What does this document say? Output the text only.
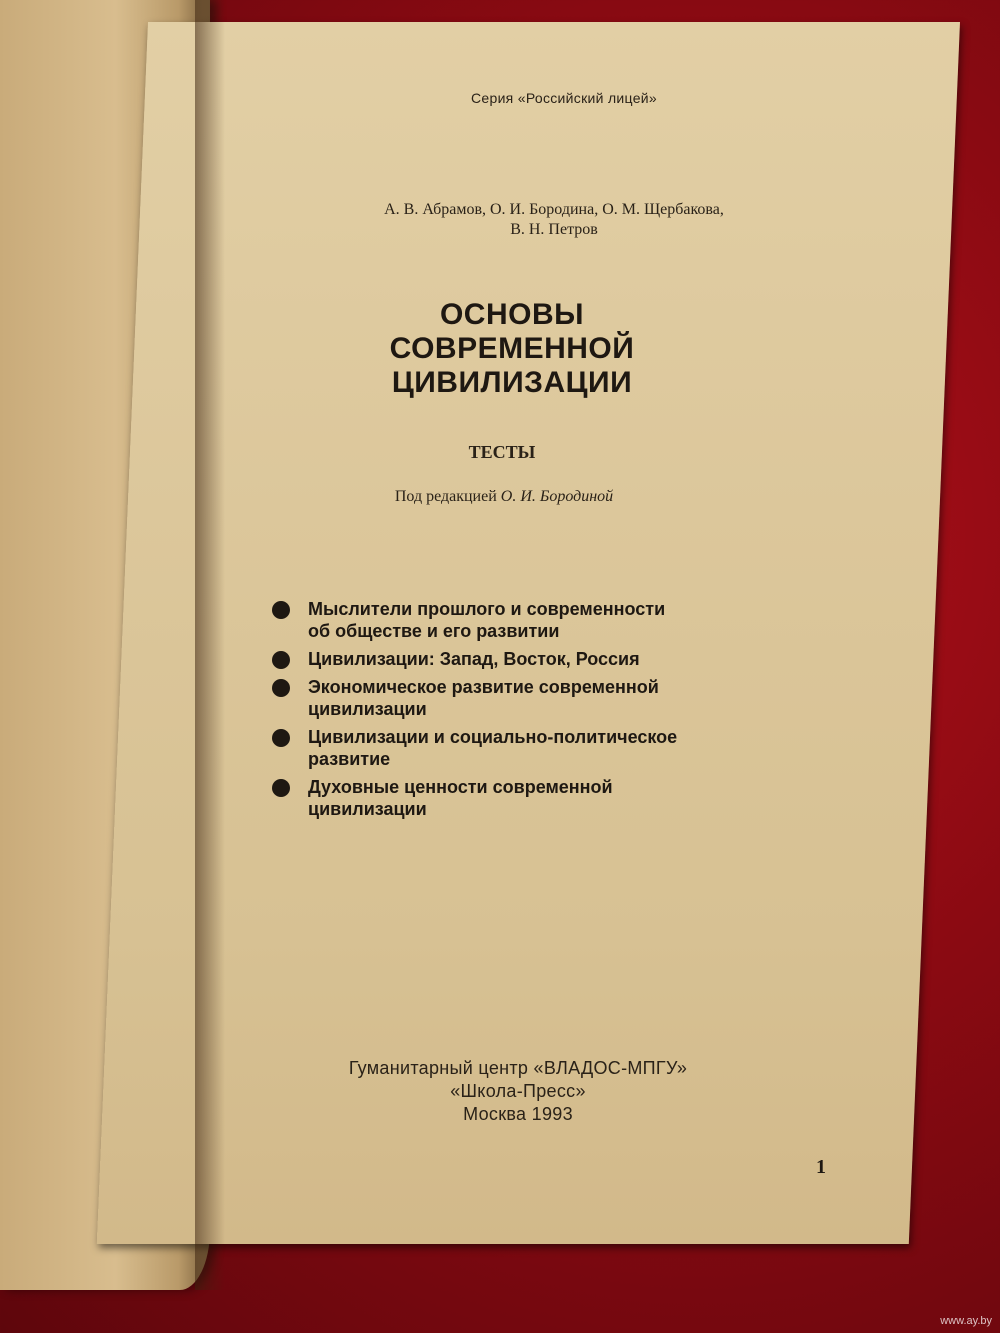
Серия «Российский лицей»
А. В. Абрамов, О. И. Бородина, О. М. Щербакова,
В. Н. Петров
ОСНОВЫ
СОВРЕМЕННОЙ
ЦИВИЛИЗАЦИИ
ТЕСТЫ
Под редакцией О. И. Бородиной
Мыслители прошлого и современности
об обществе и его развитии
Цивилизации: Запад, Восток, Россия
Экономическое развитие современной
цивилизации
Цивилизации и социально-политическое
развитие
Духовные ценности современной
цивилизации
Гуманитарный центр «ВЛАДОС-МПГУ»
«Школа-Пресс»
Москва 1993
1
www.ay.by
